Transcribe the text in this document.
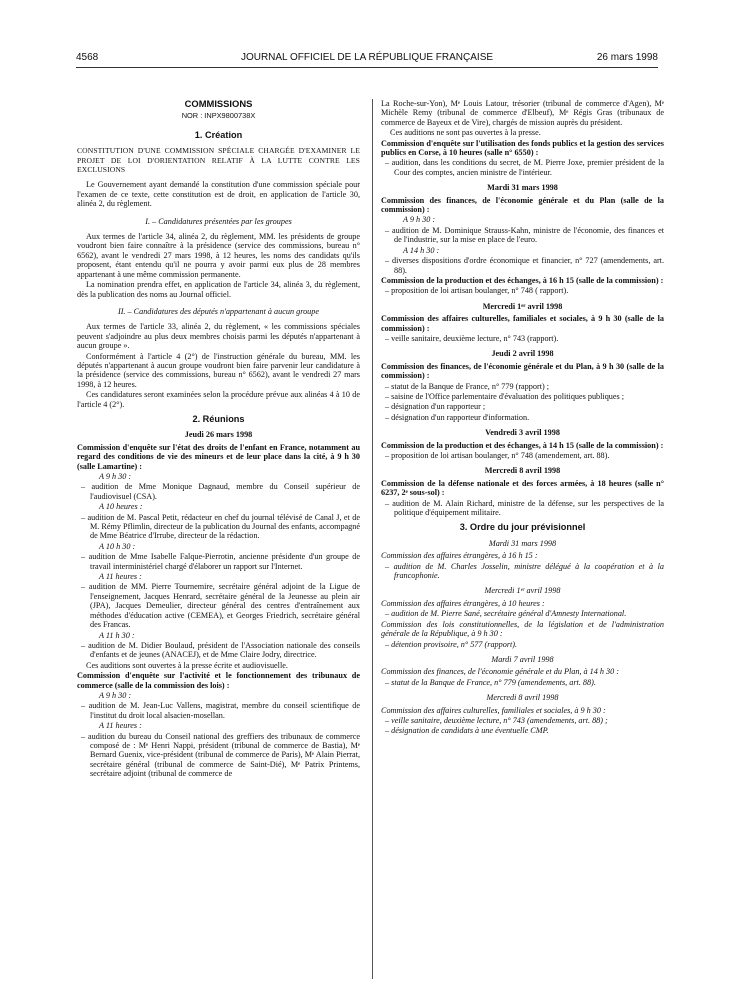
4568	JOURNAL OFFICIEL DE LA RÉPUBLIQUE FRANÇAISE	26 mars 1998

COMMISSIONS

NOR : INPX9800738X

1. Création

CONSTITUTION D'UNE COMMISSION SPÉCIALE CHARGÉE D'EXAMINER LE PROJET DE LOI D'ORIENTATION RELATIF À LA LUTTE CONTRE LES EXCLUSIONS

Le Gouvernement ayant demandé la constitution d'une commission spéciale pour l'examen de ce texte, cette constitution est de droit, en application de l'article 30, alinéa 2, du règlement.

I. – Candidatures présentées par les groupes

Aux termes de l'article 34, alinéa 2, du règlement, MM. les présidents de groupe voudront bien faire connaître à la présidence (service des commissions, bureau n° 6562), avant le vendredi 27 mars 1998, à 12 heures, les noms des candidats qu'ils proposent, étant entendu qu'il ne pourra y avoir parmi eux plus de 28 membres appartenant à une même commission permanente.

La nomination prendra effet, en application de l'article 34, alinéa 3, du règlement, dès la publication des noms au Journal officiel.

II. – Candidatures des députés n'appartenant à aucun groupe

Aux termes de l'article 33, alinéa 2, du règlement, « les commissions spéciales peuvent s'adjoindre au plus deux membres choisis parmi les députés n'appartenant à aucun groupe ».

Conformément à l'article 4 (2°) de l'instruction générale du bureau, MM. les députés n'appartenant à aucun groupe voudront bien faire parvenir leur candidature à la présidence (service des commissions, bureau n° 6562), avant le vendredi 27 mars 1998, à 12 heures.

Ces candidatures seront examinées selon la procédure prévue aux alinéas 4 à 10 de l'article 4 (2°).

2. Réunions

Jeudi 26 mars 1998

Commission d'enquête sur l'état des droits de l'enfant en France, notamment au regard des conditions de vie des mineurs et de leur place dans la cité, à 9 h 30 (salle Lamartine) :

A 9 h 30 :

– audition de Mme Monique Dagnaud, membre du Conseil supérieur de l'audiovisuel (CSA).

A 10 heures :

– audition de M. Pascal Petit, rédacteur en chef du journal télévisé de Canal J, et de M. Rémy Pflimlin, directeur de la publication du Journal des enfants, accompagné de Mme Béatrice d'Irrube, directeur de la rédaction.

A 10 h 30 :

– audition de Mme Isabelle Falque-Pierrotin, ancienne présidente d'un groupe de travail interministériel chargé d'élaborer un rapport sur l'Internet.

A 11 heures :

– audition de MM. Pierre Tournemire, secrétaire général adjoint de la Ligue de l'enseignement, Jacques Henrard, secrétaire général de la Jeunesse au plein air (JPA), Jacques Demeulier, directeur général des centres d'entraînement aux méthodes d'éducation active (CEMEA), et Georges Friedrich, secrétaire général des Francas.

A 11 h 30 :

– audition de M. Didier Boulaud, président de l'Association nationale des conseils d'enfants et de jeunes (ANACEJ), et de Mme Claire Jodry, directrice.

Ces auditions sont ouvertes à la presse écrite et audiovisuelle.

Commission d'enquête sur l'activité et le fonctionnement des tribunaux de commerce (salle de la commission des lois) :

A 9 h 30 :

– audition de M. Jean-Luc Vallens, magistrat, membre du conseil scientifique de l'institut du droit local alsacien-mosellan.

A 11 heures :

– audition du bureau du Conseil national des greffiers des tribunaux de commerce composé de : Mᵉ Henri Nappi, président (tribunal de commerce de Bastia), Mᵉ Bernard Guenix, vice-président (tribunal de commerce de Paris), Mᵉ Alain Pierrat, secrétaire général (tribunal de commerce de Saint-Dié), Mᵉ Patrix Printems, secrétaire adjoint (tribunal de commerce de

La Roche-sur-Yon), Mᵉ Louis Latour, trésorier (tribunal de commerce d'Agen), Mᵉ Michèle Remy (tribunal de commerce d'Elbeuf), Mᵉ Régis Gras (tribunaux de commerce de Bayeux et de Vire), chargés de mission auprès du président.

Ces auditions ne sont pas ouvertes à la presse.

Commission d'enquête sur l'utilisation des fonds publics et la gestion des services publics en Corse, à 10 heures (salle n° 6550) :

– audition, dans les conditions du secret, de M. Pierre Joxe, premier président de la Cour des comptes, ancien ministre de l'intérieur.

Mardi 31 mars 1998

Commission des finances, de l'économie générale et du Plan (salle de la commission) :

A 9 h 30 :

– audition de M. Dominique Strauss-Kahn, ministre de l'économie, des finances et de l'industrie, sur la mise en place de l'euro.

A 14 h 30 :

– diverses dispositions d'ordre économique et financier, n° 727 (amendements, art. 88).

Commission de la production et des échanges, à 16 h 15 (salle de la commission) :

– proposition de loi artisan boulanger, n° 748 ( rapport).

Mercredi 1ᵉʳ avril 1998

Commission des affaires culturelles, familiales et sociales, à 9 h 30 (salle de la commission) :

– veille sanitaire, deuxième lecture, n° 743 (rapport).

Jeudi 2 avril 1998

Commission des finances, de l'économie générale et du Plan, à 9 h 30 (salle de la commission) :

– statut de la Banque de France, n° 779 (rapport) ;

– saisine de l'Office parlementaire d'évaluation des politiques publiques ;

– désignation d'un rapporteur ;

– désignation d'un rapporteur d'information.

Vendredi 3 avril 1998

Commission de la production et des échanges, à 14 h 15 (salle de la commission) :

– proposition de loi artisan boulanger, n° 748 (amendement, art. 88).

Mercredi 8 avril 1998

Commission de la défense nationale et des forces armées, à 18 heures (salle n° 6237, 2ᵉ sous-sol) :

– audition de M. Alain Richard, ministre de la défense, sur les perspectives de la politique d'équipement militaire.

3. Ordre du jour prévisionnel

Mardi 31 mars 1998

Commission des affaires étrangères, à 16 h 15 :

– audition de M. Charles Josselin, ministre délégué à la coopération et à la francophonie.

Mercredi 1ᵉʳ avril 1998

Commission des affaires étrangères, à 10 heures :

– audition de M. Pierre Sané, secrétaire général d'Amnesty International.

Commission des lois constitutionnelles, de la législation et de l'administration générale de la République, à 9 h 30 :

– détention provisoire, n° 577 (rapport).

Mardi 7 avril 1998

Commission des finances, de l'économie générale et du Plan, à 14 h 30 :

– statut de la Banque de France, n° 779 (amendements, art. 88).

Mercredi 8 avril 1998

Commission des affaires culturelles, familiales et sociales, à 9 h 30 :

– veille sanitaire, deuxième lecture, n° 743 (amendements, art. 88) ;

– désignation de candidats à une éventuelle CMP.
